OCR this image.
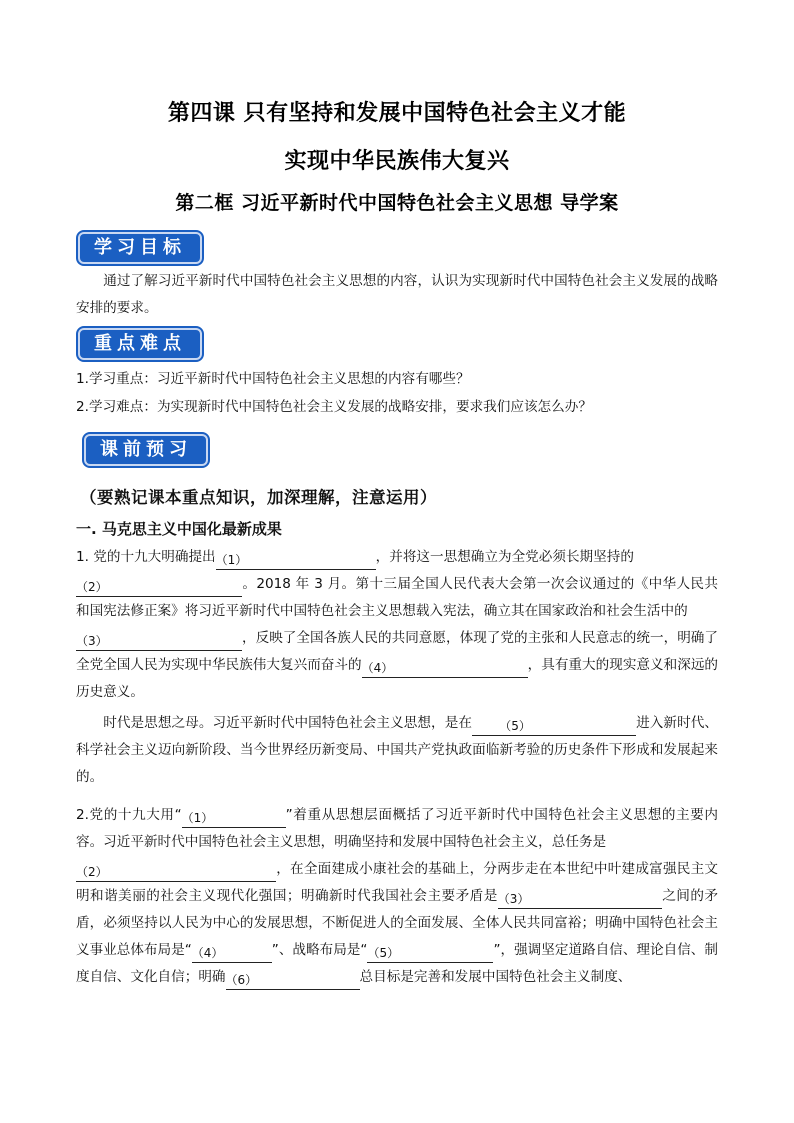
第四课 只有坚持和发展中国特色社会主义才能
实现中华民族伟大复兴
第二框 习近平新时代中国特色社会主义思想 导学案
学习目标
通过了解习近平新时代中国特色社会主义思想的内容，认识为实现新时代中国特色社会主义发展的战略安排的要求。
重点难点
1.学习重点：习近平新时代中国特色社会主义思想的内容有哪些？
2.学习难点：为实现新时代中国特色社会主义发展的战略安排，要求我们应该怎么办？
课前预习
（要熟记课本重点知识，加深理解，注意运用）
一. 马克思主义中国化最新成果
1. 党的十九大明确提出（1）	，并将这一思想确立为全党必须长期坚持的
（2）	。2018 年 3 月。第十三届全国人民代表大会第一次会议通过的《中华人民共和国宪法修正案》将习近平新时代中国特色社会主义思想载入宪法，确立其在国家政治和社会生活中的
（3）	，反映了全国各族人民的共同意愿，体现了党的主张和人民意志的统一，明确了全党全国人民为实现中华民族伟大复兴而奋斗的（4）	，具有重大的现实意义和深远的历史意义。
时代是思想之母。习近平新时代中国特色社会主义思想，是在 （5）	进入新时代、科学社会主义迈向新阶段、当今世界经历新变局、中国共产党执政面临新考验的历史条件下形成和发展起来的。
2.党的十九大用“（1）	”着重从思想层面概括了习近平新时代中国特色社会主义思想的主要内容。习近平新时代中国特色社会主义思想，明确坚持和发展中国特色社会主义，总任务是
（2）	，在全面建成小康社会的基础上，分两步走在本世纪中叶建成富强民主文明和谐美丽的社会主义现代化强国；明确新时代我国社会主要矛盾是（3）	之间的矛盾，必须坚持以人民为中心的发展思想，不断促进人的全面发展、全体人民共同富裕；明确中国特色社会主义事业总体布局是“（4）	”、战略布局是“（5）	”，强调坚定道路自信、理论自信、制度自信、文化自信；明确（6）	总目标是完善和发展中国特色社会主义制度、
